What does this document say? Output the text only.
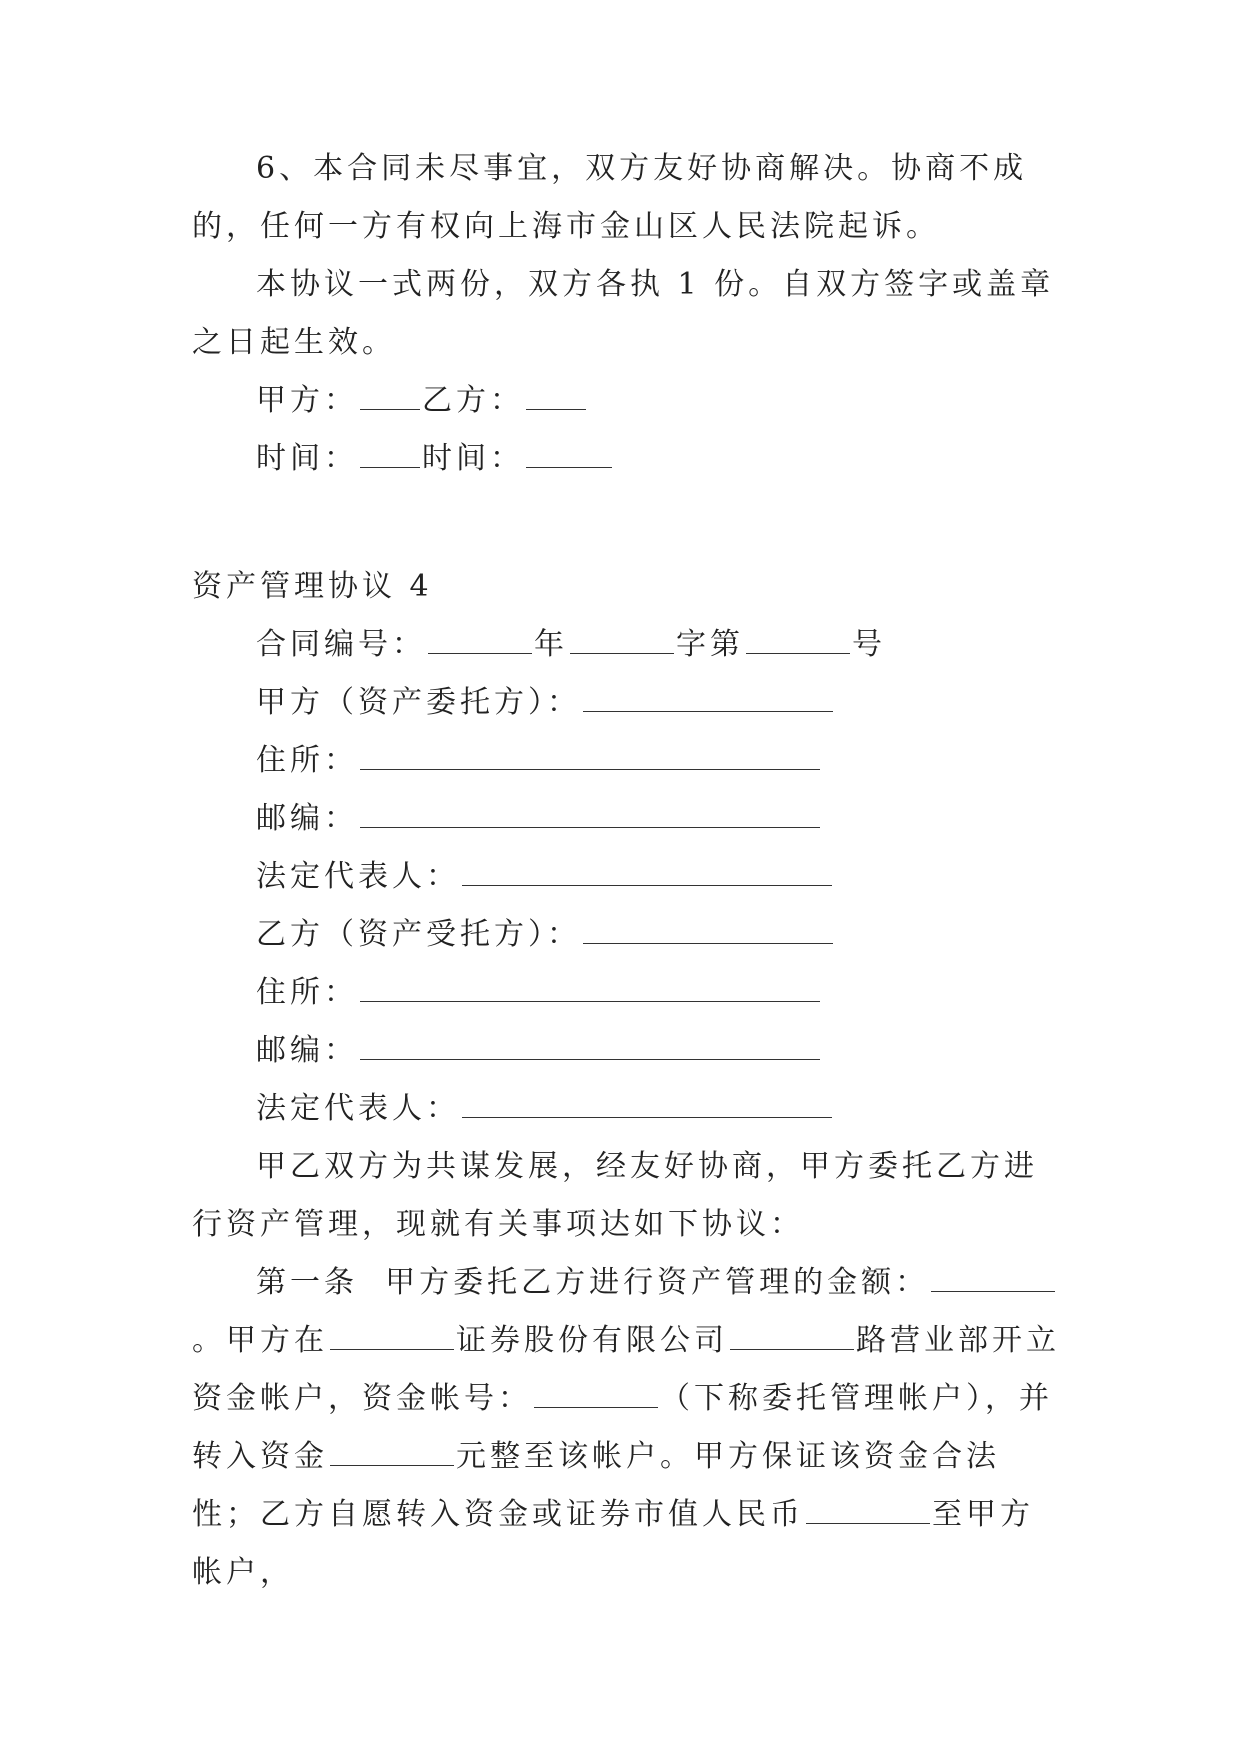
6、本合同未尽事宜，双方友好协商解决。协商不成的，任何一方有权向上海市金山区人民法院起诉。
本协议一式两份，双方各执 1 份。自双方签字或盖章之日起生效。
甲方： 乙方：
时间： 时间：
资产管理协议 4
合同编号：	年	字第	号
甲方（资产委托方）：
住所：
邮编：
法定代表人：
乙方（资产受托方）：
住所：
邮编：
法定代表人：
甲乙双方为共谋发展，经友好协商，甲方委托乙方进行资产管理，现就有关事项达如下协议：
第一条  甲方委托乙方进行资产管理的金额：。甲方在	证券股份有限公司	路营业部开立资金帐户，资金帐号：	（下称委托管理帐户），并转入资金	元整至该帐户。甲方保证该资金合法性；乙方自愿转入资金或证券市值人民币	至甲方帐户，
